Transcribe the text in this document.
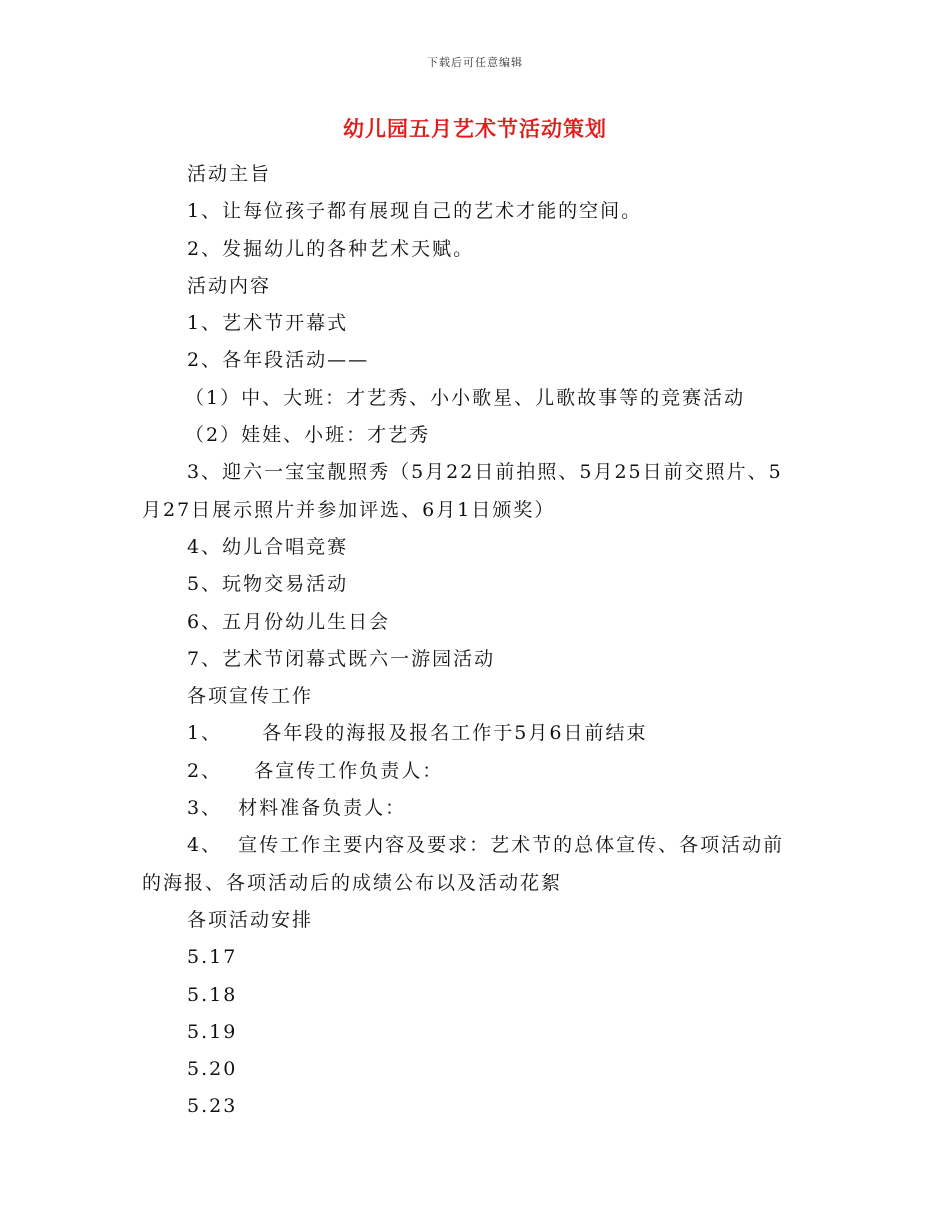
下载后可任意编辑
幼儿园五月艺术节活动策划
活动主旨
1、让每位孩子都有展现自己的艺术才能的空间。
2、发掘幼儿的各种艺术天赋。
活动内容
1、艺术节开幕式
2、各年段活动——
（1）中、大班：才艺秀、小小歌星、儿歌故事等的竞赛活动
（2）娃娃、小班：才艺秀
3、迎六一宝宝靓照秀（5月22日前拍照、5月25日前交照片、5
月27日展示照片并参加评选、6月1日颁奖）
4、幼儿合唱竞赛
5、玩物交易活动
6、五月份幼儿生日会
7、艺术节闭幕式既六一游园活动
各项宣传工作
1、     各年段的海报及报名工作于5月6日前结束
2、    各宣传工作负责人：
3、  材料准备负责人：
4、  宣传工作主要内容及要求：艺术节的总体宣传、各项活动前
的海报、各项活动后的成绩公布以及活动花絮
各项活动安排
5.17
5.18
5.19
5.20
5.23
